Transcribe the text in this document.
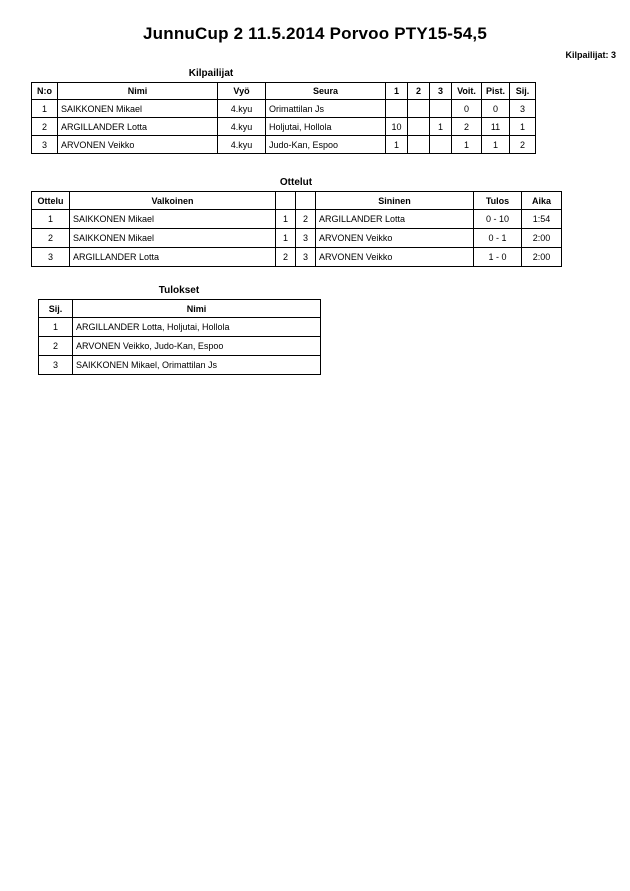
JunnuCup 2 11.5.2014 Porvoo PTY15-54,5
Kilpailijat: 3
Kilpailijat
N:o	Nimi	Vyö	Seura	1	2	3	Voit.	Pist.	Sij.
1	SAIKKONEN Mikael	4.kyu	Orimattilan Js				0	0	3
2	ARGILLANDER Lotta	4.kyu	Holjutai, Hollola	10		1	2	11	1
3	ARVONEN Veikko	4.kyu	Judo-Kan, Espoo	1			1	1	2
Ottelut
Ottelu	Valkoinen			Sininen	Tulos	Aika
1	SAIKKONEN Mikael	1	2	ARGILLANDER Lotta	0 - 10	1:54
2	SAIKKONEN Mikael	1	3	ARVONEN Veikko	0 - 1	2:00
3	ARGILLANDER Lotta	2	3	ARVONEN Veikko	1 - 0	2:00
Tulokset
Sij.	Nimi
1	ARGILLANDER Lotta, Holjutai, Hollola
2	ARVONEN Veikko, Judo-Kan, Espoo
3	SAIKKONEN Mikael, Orimattilan Js
